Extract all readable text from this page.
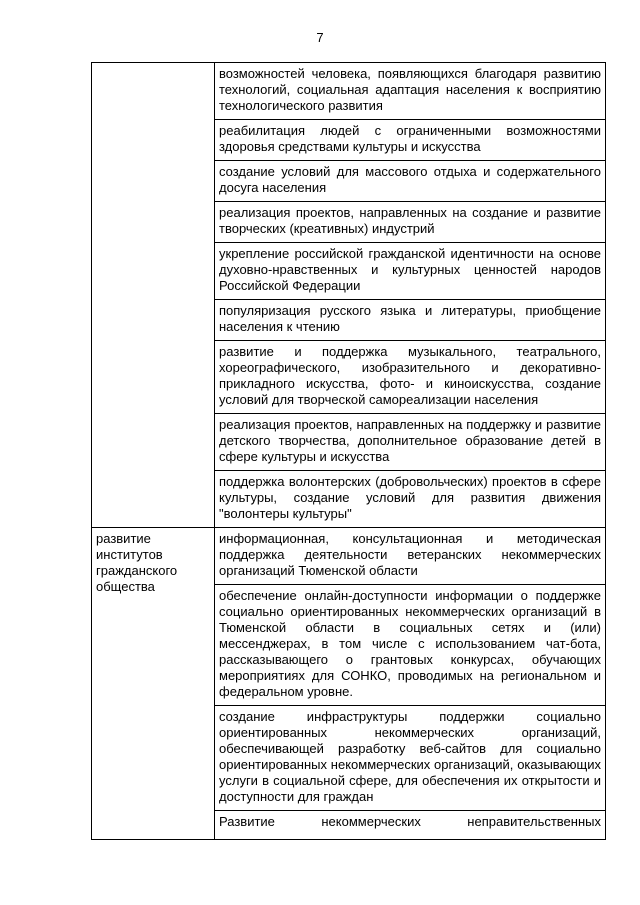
7
	возможностей человека, появляющихся благодаря развитию технологий, социальная адаптация населения к восприятию технологического развития
	реабилитация людей с ограниченными возможностями здоровья средствами культуры и искусства
	создание условий для массового отдыха и содержательного досуга населения
	реализация проектов, направленных на создание и развитие творческих (креативных) индустрий
	укрепление российской гражданской идентичности на основе духовно-нравственных и культурных ценностей народов Российской Федерации
	популяризация русского языка и литературы, приобщение населения к чтению
	развитие и поддержка музыкального, театрального, хореографического, изобразительного и декоративно-прикладного искусства, фото- и киноискусства, создание условий для творческой самореализации населения
	реализация проектов, направленных на поддержку и развитие детского творчества, дополнительное образование детей в сфере культуры и искусства
	поддержка волонтерских (добровольческих) проектов в сфере культуры, создание условий для развития движения "волонтеры культуры"
развитие институтов гражданского общества	информационная, консультационная и методическая поддержка деятельности ветеранских некоммерческих организаций Тюменской области
	обеспечение онлайн-доступности информации о поддержке социально ориентированных некоммерческих организаций в Тюменской области в социальных сетях и (или) мессенджерах, в том числе с использованием чат-бота, рассказывающего о грантовых конкурсах, обучающих мероприятиях для СОНКО, проводимых на региональном и федеральном уровне.
	создание инфраструктуры поддержки социально ориентированных некоммерческих организаций, обеспечивающей разработку веб-сайтов для социально ориентированных некоммерческих организаций, оказывающих услуги в социальной сфере, для обеспечения их открытости и доступности для граждан
	Развитие некоммерческих неправительственных
